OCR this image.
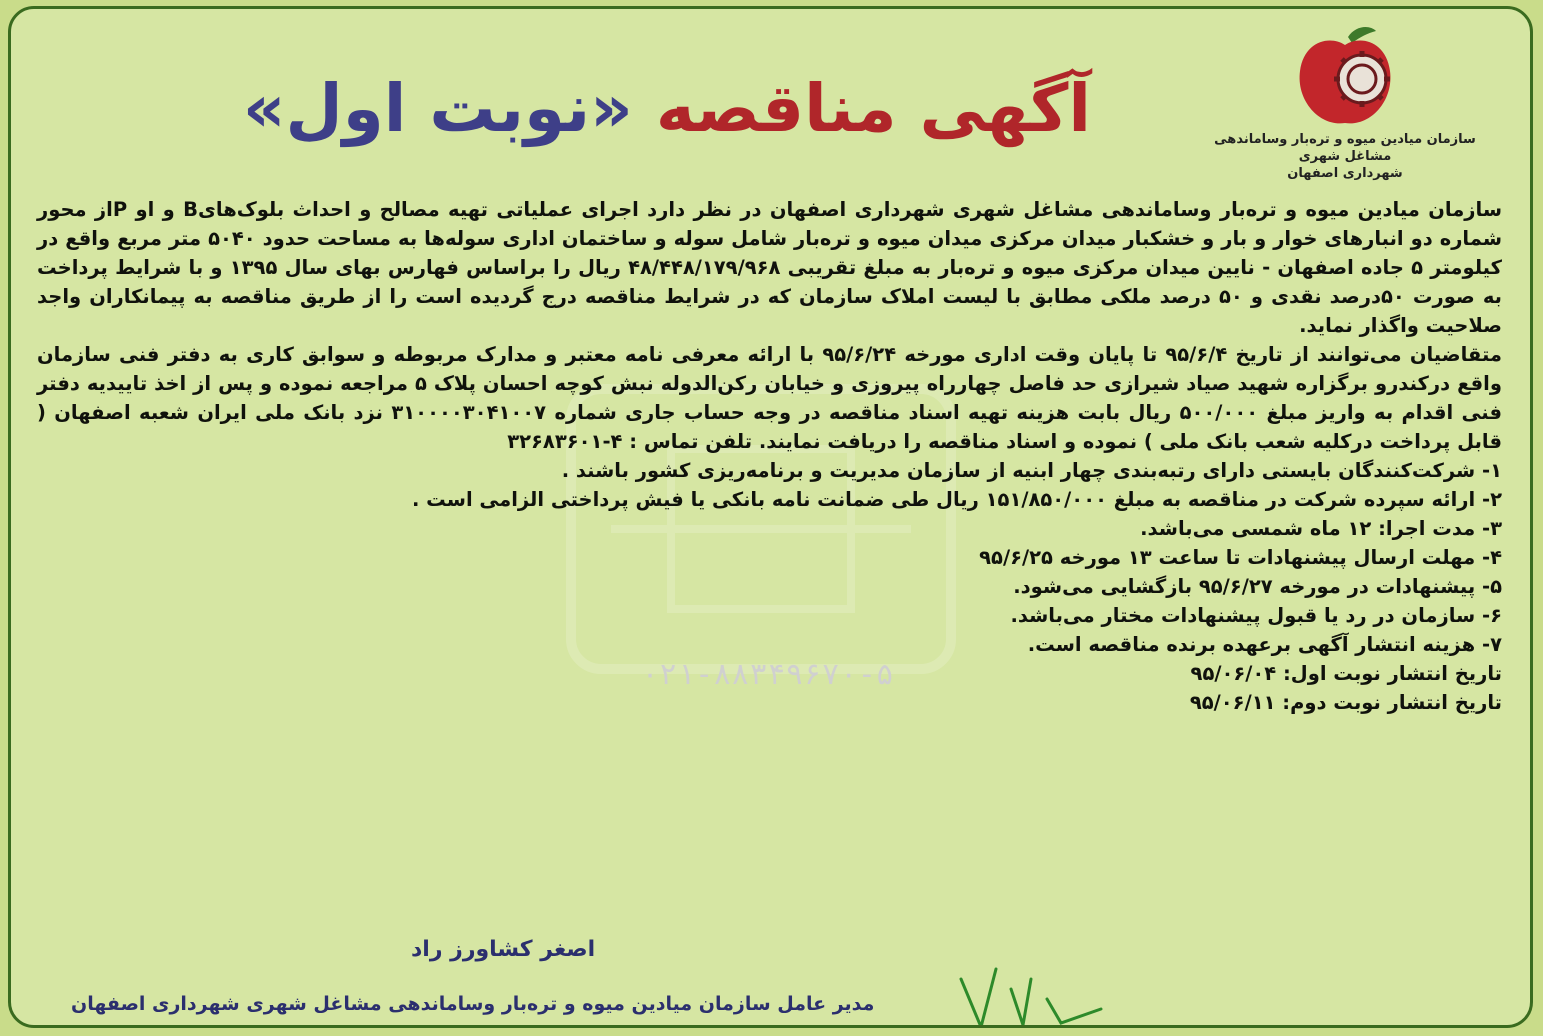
سازمان میادین میوه و تره‌بار وساماندهی مشاغل شهری
شهرداری اصفهان
آگهی مناقصه «نوبت اول»
۰۲۱-۸۸۳۴۹۶۷۰-۵

سازمان میادین میوه و تره‌بار وساماندهی مشاغل شهری شهرداری اصفهان در نظر دارد اجرای عملیاتی تهیه مصالح و احداث بلوک‌هایB و او Pاز محور شماره دو انبارهای خوار و بار و خشکبار میدان مرکزی میدان میوه و تره‌بار شامل سوله و ساختمان اداری سوله‌ها به مساحت حدود ۵۰۴۰ متر مربع واقع در کیلومتر ۵ جاده اصفهان - نایین میدان مرکزی میوه و تره‌بار به مبلغ تقریبی ۴۸/۴۴۸/۱۷۹/۹۶۸ ریال را براساس فهارس بهای سال ۱۳۹۵ و با شرایط پرداخت به صورت ۵۰درصد نقدی و ۵۰ درصد ملکی مطابق با لیست املاک سازمان که در شرایط مناقصه درج گردیده است را از طریق مناقصه به پیمانکاران واجد صلاحیت واگذار نماید.

متقاضیان می‌توانند از تاریخ ۹۵/۶/۴ تا پایان وقت اداری مورخه ۹۵/۶/۲۴ با ارائه معرفی نامه معتبر و مدارک مربوطه و سوابق کاری به دفتر فنی سازمان واقع درکندرو برگزاره شهید صیاد شیرازی حد فاصل چهارراه پیروزی و خیابان رکن‌الدوله نبش کوچه احسان پلاک ۵ مراجعه نموده و پس از اخذ تاییدیه دفتر فنی اقدام به واریز مبلغ ۵۰۰/۰۰۰ ریال بابت هزینه تهیه اسناد مناقصه در وجه حساب جاری شماره ۳۱۰۰۰۰۳۰۴۱۰۰۷ نزد بانک ملی ایران شعبه اصفهان ( قابل پرداخت درکلیه شعب بانک ملی ) نموده و اسناد مناقصه را دریافت نمایند. تلفن تماس : ۴-۳۲۶۸۳۶۰۱

۱- شرکت‌کنندگان بایستی دارای رتبه‌بندی چهار ابنیه از سازمان مدیریت و برنامه‌ریزی کشور باشند .
۲- ارائه سپرده شرکت در مناقصه به مبلغ ۱۵۱/۸۵۰/۰۰۰ ریال طی ضمانت نامه بانکی یا فیش پرداختی الزامی است .
۳- مدت اجرا: ۱۲ ماه شمسی می‌باشد.
۴- مهلت ارسال پیشنهادات تا ساعت ۱۳ مورخه ۹۵/۶/۲۵
۵- پیشنهادات در مورخه ۹۵/۶/۲۷ بازگشایی می‌شود.
۶- سازمان در رد یا قبول پیشنهادات مختار می‌باشد.
۷- هزینه انتشار آگهی برعهده برنده مناقصه است.
تاریخ انتشار نوبت اول: ۹۵/۰۶/۰۴
تاریخ انتشار نوبت دوم: ۹۵/۰۶/۱۱
اصغر کشاورز راد
مدیر عامل سازمان میادین میوه و تره‌بار وساماندهی مشاغل شهری شهرداری اصفهان
